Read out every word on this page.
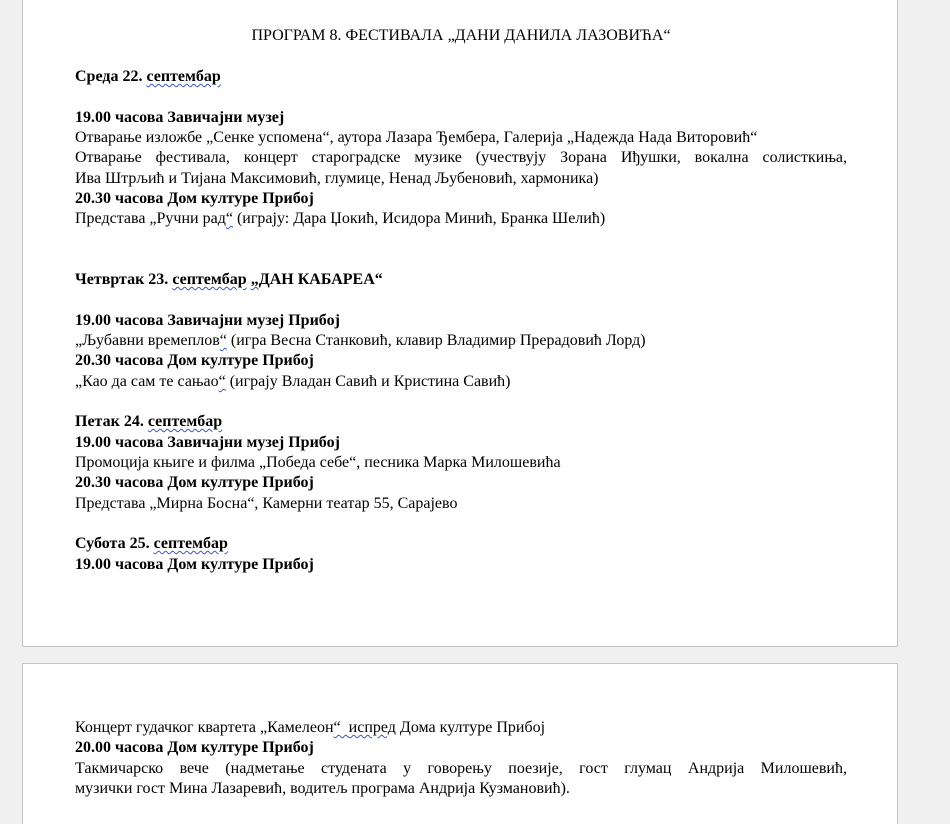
ПРОГРАМ 8. ФЕСТИВАЛА „ДАНИ ДАНИЛА ЛАЗОВИЋА“
Среда 22. септембар
19.00 часова Завичајни музеј
Отварање изложбе „Сенке успомена“, аутора Лазара Ђембера, Галерија „Надежда Нада Виторовић“
Отварање фестивала, концерт староградске музике (учествују Зорана Иђушки, вокална солисткиња,
Ива Штрљић и Тијана Максимовић, глумице, Ненад Љубеновић, хармоника)
20.30 часова Дом културе Прибој
Представа „Ручни рад“ (играју: Дара Џокић, Исидора Минић, Бранка Шелић)
Четвртак 23. септембар „ДАН КАБАРЕА“
19.00 часова Завичајни музеј Прибој
„Љубавни времеплов“ (игра Весна Станковић, клавир Владимир Прерадовић Лорд)
20.30 часова Дом културе Прибој
„Као да сам те сањао“ (играју Владан Савић и Кристина Савић)
Петак 24. септембар
19.00 часова Завичајни музеј Прибој
Промоција књиге и филма „Победа себе“, песника Марка Милошевића
20.30 часова Дом културе Прибој
Представа „Мирна Босна“, Камерни театар 55, Сарајево
Субота 25. септембар
19.00 часова Дом културе Прибој
Концерт гудачког квартета „Камелеон“  испред Дома културе Прибој
20.00 часова Дом културе Прибој
Такмичарско вече (надметање студената у говорењу поезије, гост глумац Андрија Милошевић,
музички гост Мина Лазаревић, водитељ програма Андрија Кузмановић).
